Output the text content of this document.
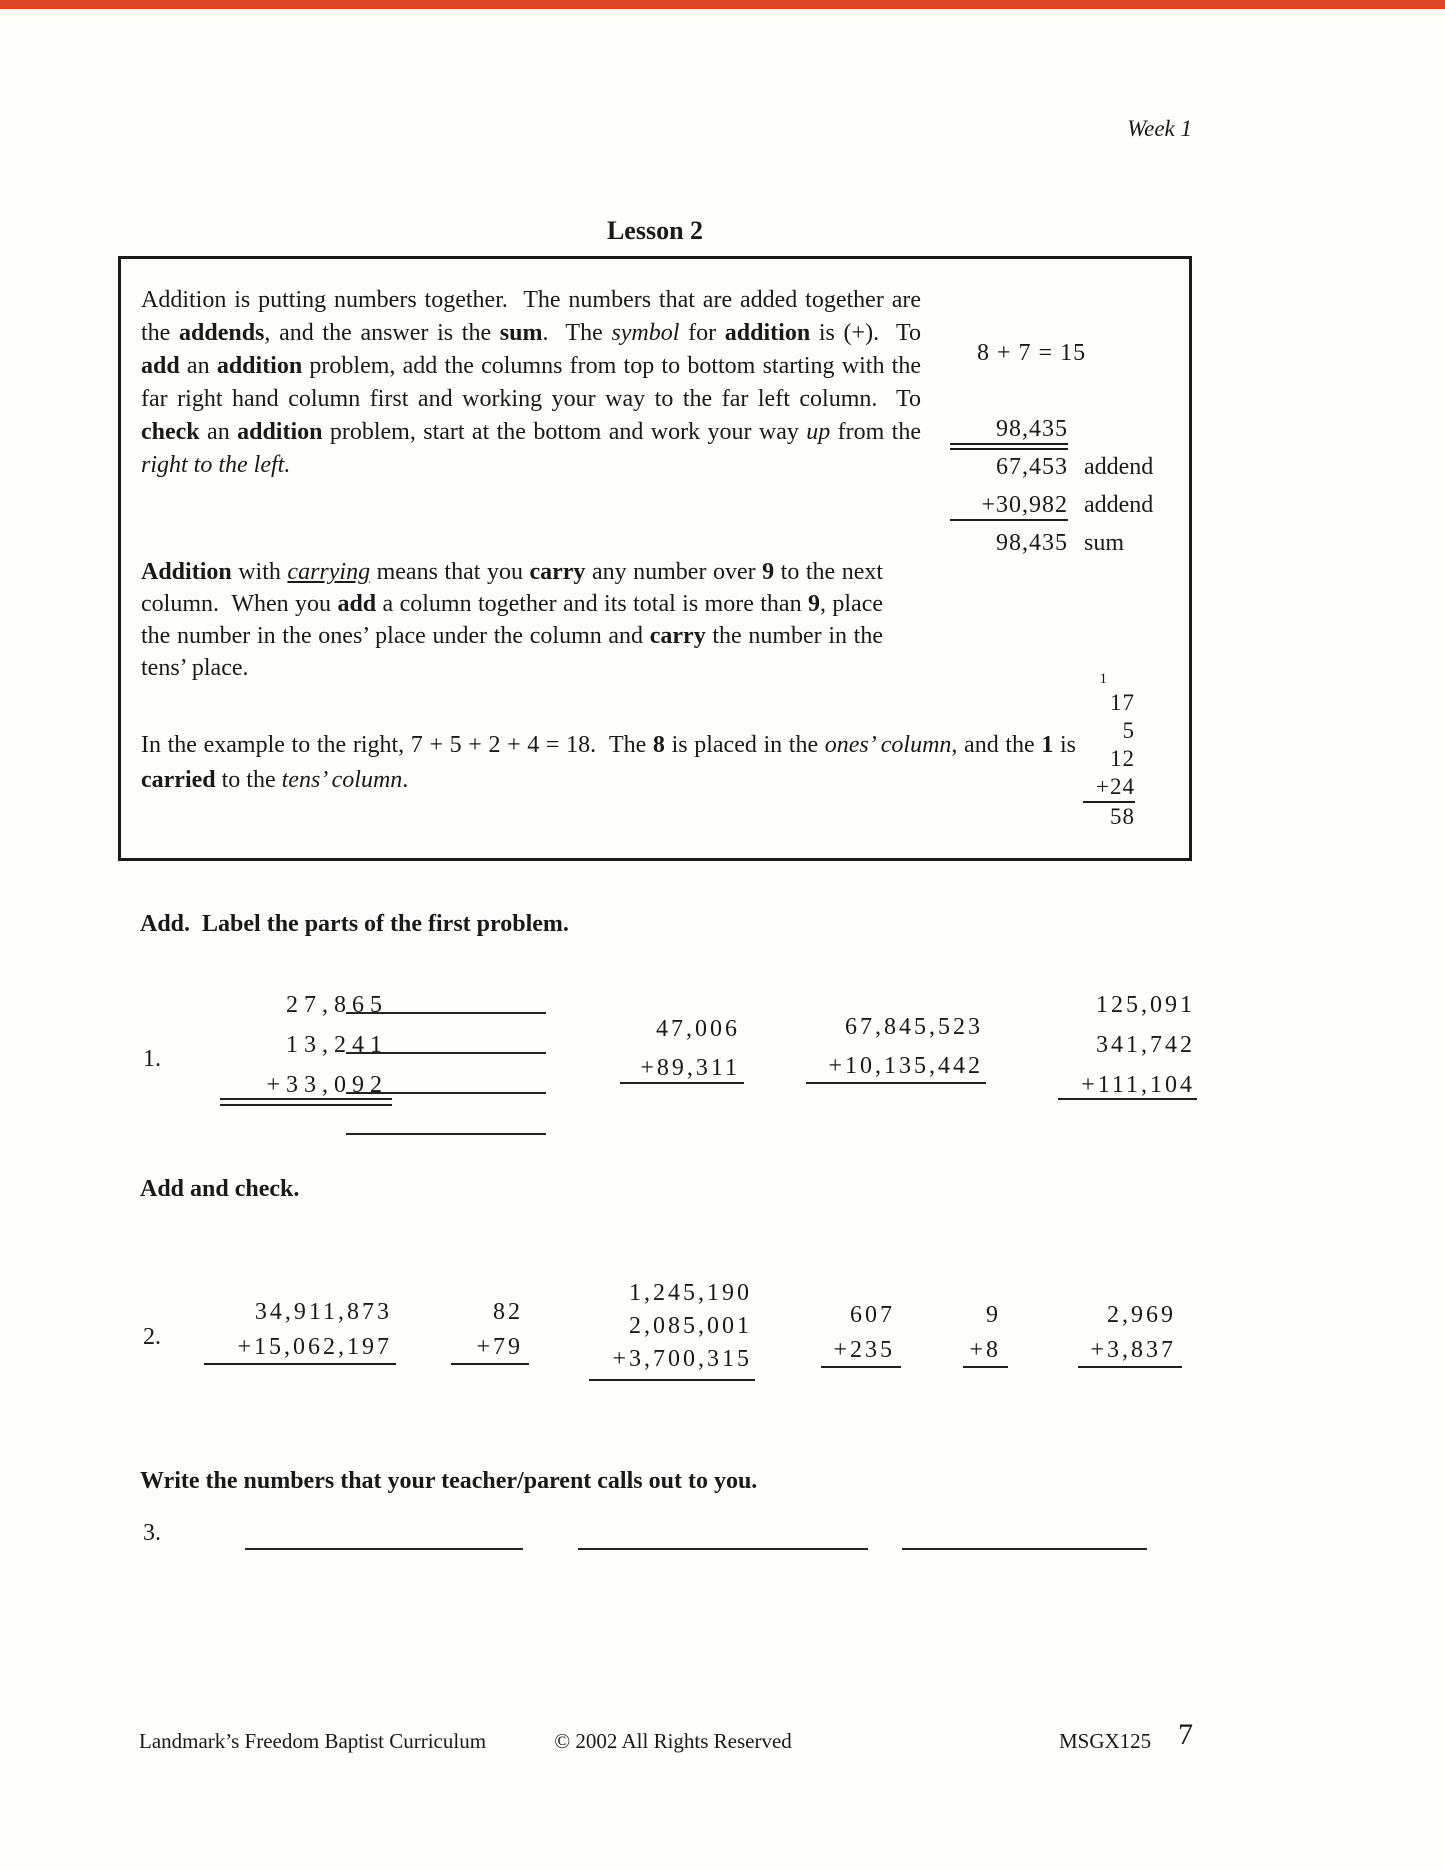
Week 1
Lesson 2

Addition is putting numbers together.  The numbers that are added together are the addends, and the answer is the sum.  The symbol for addition is (+).  To add an addition problem, add the columns from top to bottom starting with the far right hand column first and working your way to the far left column.  To check an addition problem, start at the bottom and work your way up from the right to the left.

Addition with carrying means that you carry any number over 9 to the next column.  When you add a column together and its total is more than 9, place the number in the ones’ place under the column and carry the number in the tens’ place.

In the example to the right, 7 + 5 + 2 + 4 = 18.  The 8 is placed in the ones’ column, and the 1 is carried to the tens’ column.

8 + 7 = 15
98,435
67,453 addend
+30,982 addend
98,435 sum
1
17
5
12
+24
58
Add.  Label the parts of the first problem.
1.
27,865
13,241
+33,092
47,006
+89,311
67,845,523
+10,135,442
125,091
341,742
+111,104
Add and check.
2.
34,911,873
+15,062,197
82
+79
1,245,190
2,085,001
+3,700,315
607
+235
9
+8
2,969
+3,837
Write the numbers that your teacher/parent calls out to you.
3.
Landmark’s Freedom Baptist Curriculum	© 2002 All Rights Reserved	MSGX125 7
